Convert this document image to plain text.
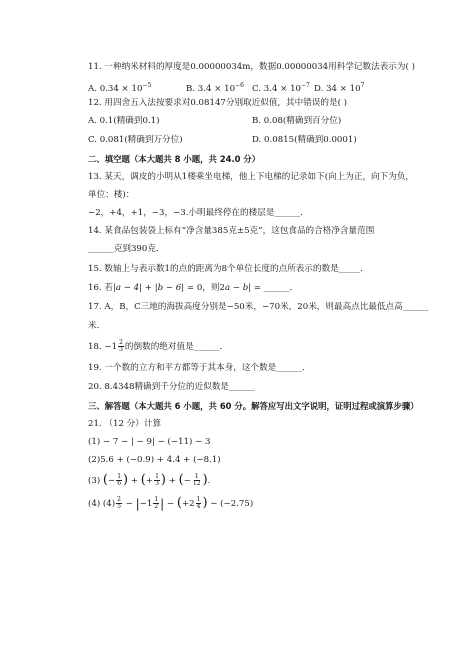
11. 一种纳米材料的厚度是0.00000034m，数据0.00000034用科学记数法表示为( )
A. $0.34 \times 10^{-5}$	B. $3.4 \times 10^{-6}$ C. $3.4 \times 10^{-7}$ D. $34 \times 10^7$
12. 用四舍五入法按要求对0.08147分别取近似值，其中错误的是( )
A. 0.1(精确到0.1)	B. 0.08(精确到百分位)
C. 0.081(精确到万分位)	D. 0.0815(精确到0.0001)
二、填空题（本大题共 8 小题，共 24.0 分）
13. 某天，调皮的小明从1楼乘坐电梯，他上下电梯的记录如下(向上为正，向下为负，
单位：楼)：
−2，+4，+1，−3，−3.小明最终停在的楼层是______．
14. 某食品包装袋上标有“净含量385克±5克”，这包食品的合格净含量范围
______克到390克．
15. 数轴上与表示数1的点的距离为8个单位长度的点所表示的数是_____．
16. 若|a − 4| + |b − 6| = 0，则2a − b| = ______．
17. A，B，C三地的海拔高度分别是−50米，−70米，20米，则最高点比最低点高______
米．
18. $-1 \frac{2}{3}$ 的倒数的绝对值是______．
19. 一个数的立方和平方都等于其本身，这个数是______．
20. 8.4348精确到千分位的近似数是______
三、解答题（本大题共 6 小题，共 60 分。解答应写出文字说明，证明过程或演算步骤）
21. （12 分）计算
(1) − 7 − | − 9| − (−11) − 3
(2)5.6 + (−0.9) + 4.4 + (−8.1)
(3) (− $\frac{1}{6}$ ) + (+ $\frac{1}{3}$ ) + (− $\frac{1}{12}$ ).
(4) $(4) \frac{2}{5} - |-1 \frac{1}{2}$ | − ($+2 \frac{1}{4}$ ) − (−2.75)
